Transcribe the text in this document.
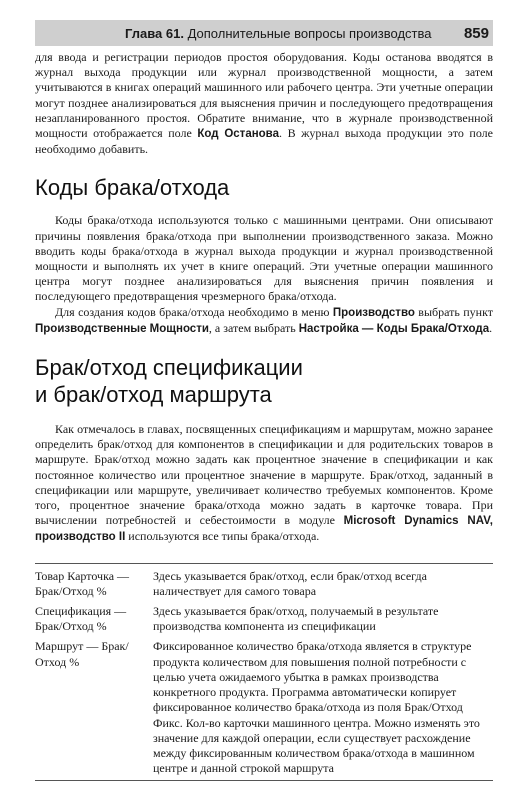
Глава 61. Дополнительные вопросы производства 859

для ввода и регистрации периодов простоя оборудования. Коды останова вводятся в журнал выхода продукции или журнал производственной мощности, а затем учитываются в книгах операций машинного или рабочего центра. Эти учетные операции могут позднее анализироваться для выяснения причин и последующего предотвращения незапланированного простоя. Обратите внимание, что в журнале производственной мощности отображается поле Код Останова. В журнал выхода продукции это поле необходимо добавить.

Коды брака/отхода

Коды брака/отхода используются только с машинными центрами. Они описывают причины появления брака/отхода при выполнении производственного заказа. Можно вводить коды брака/отхода в журнал выхода продукции и журнал производственной мощности и выполнять их учет в книге операций. Эти учетные операции машинного центра могут позднее анализироваться для выяснения причин появления и последующего предотвращения чрезмерного брака/отхода.

Для создания кодов брака/отхода необходимо в меню Производство выбрать пункт Производственные Мощности, а затем выбрать Настройка — Коды Брака/Отхода.

Брак/отход спецификации
и брак/отход маршрута

Как отмечалось в главах, посвященных спецификациям и маршрутам, можно заранее определить брак/отход для компонентов в спецификации и для родительских товаров в маршруте. Брак/отход можно задать как процентное значение в спецификации и как постоянное количество или процентное значение в маршруте. Брак/отход, заданный в спецификации или маршруте, увеличивает количество требуемых компонентов. Кроме того, процентное значение брака/отхода можно задать в карточке товара. При вычислении потребностей и себестоимости в модуле Microsoft Dynamics NAV, производство II используются все типы брака/отхода.

Товар Карточка — Брак/Отход %	Здесь указывается брак/отход, если брак/отход всегда наличествует для самого товара
Спецификация — Брак/Отход %	Здесь указывается брак/отход, получаемый в результате производства компонента из спецификации
Маршрут — Брак/ Отход %	Фиксированное количество брака/отхода является в структуре продукта количеством для повышения полной потребности с целью учета ожидаемого убытка в рамках производства конкретного продукта. Программа автоматически копирует фиксированное количество брака/отхода из поля Брак/Отход Фикс. Кол-во карточки машинного центра. Можно изменять это значение для каждой операции, если существует расхождение между фиксированным количеством брака/отхода в машинном центре и данной строкой маршрута
